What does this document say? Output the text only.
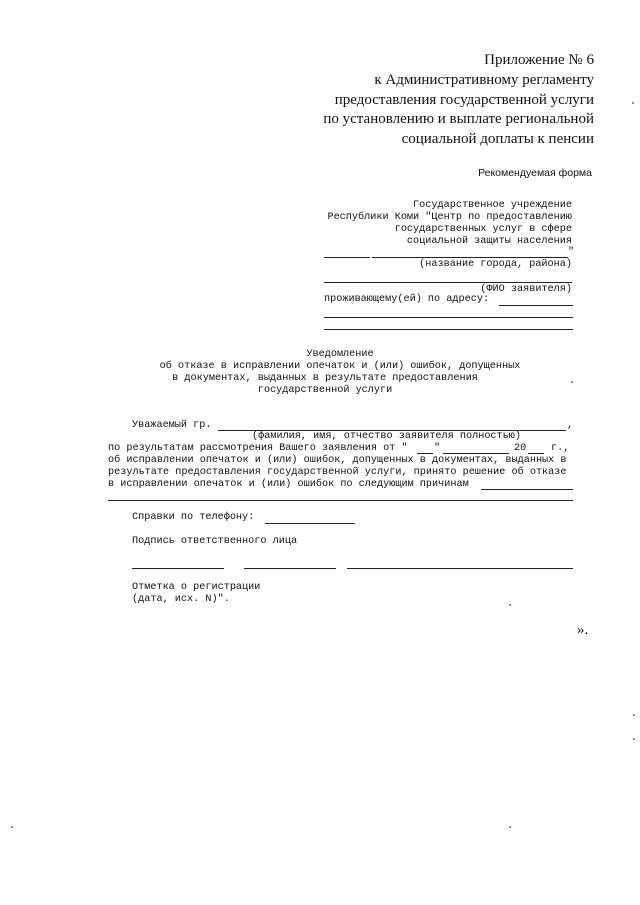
Приложение № 6
к Административному регламенту
предоставления государственной услуги
по установлению и выплате региональной
социальной доплаты к пенсии
Рекомендуемая форма
Государственное учреждение
Республики Коми "Центр по предоставлению
государственных услуг в сфере
социальной защиты населения
"
(название города, района)
(ФИО заявителя)
проживающему(ей) по адресу:
Уведомление
об отказе в исправлении опечаток и (или) ошибок, допущенных
в документах, выданных в результате предоставления
государственной услуги
Уважаемый гр.	,
(фамилия, имя, отчество заявителя полностью)
по результатам рассмотрения Вашего заявления от "	"	20 г.,
об исправлении опечаток и (или) ошибок, допущенных в документах, выданных в
результате предоставления государственной услуги, принято решение об отказе
в исправлении опечаток и (или) ошибок по следующим причинам
Справки по телефону:
Подпись ответственного лица
Отметка о регистрации
(дата, исх. N)".
».
